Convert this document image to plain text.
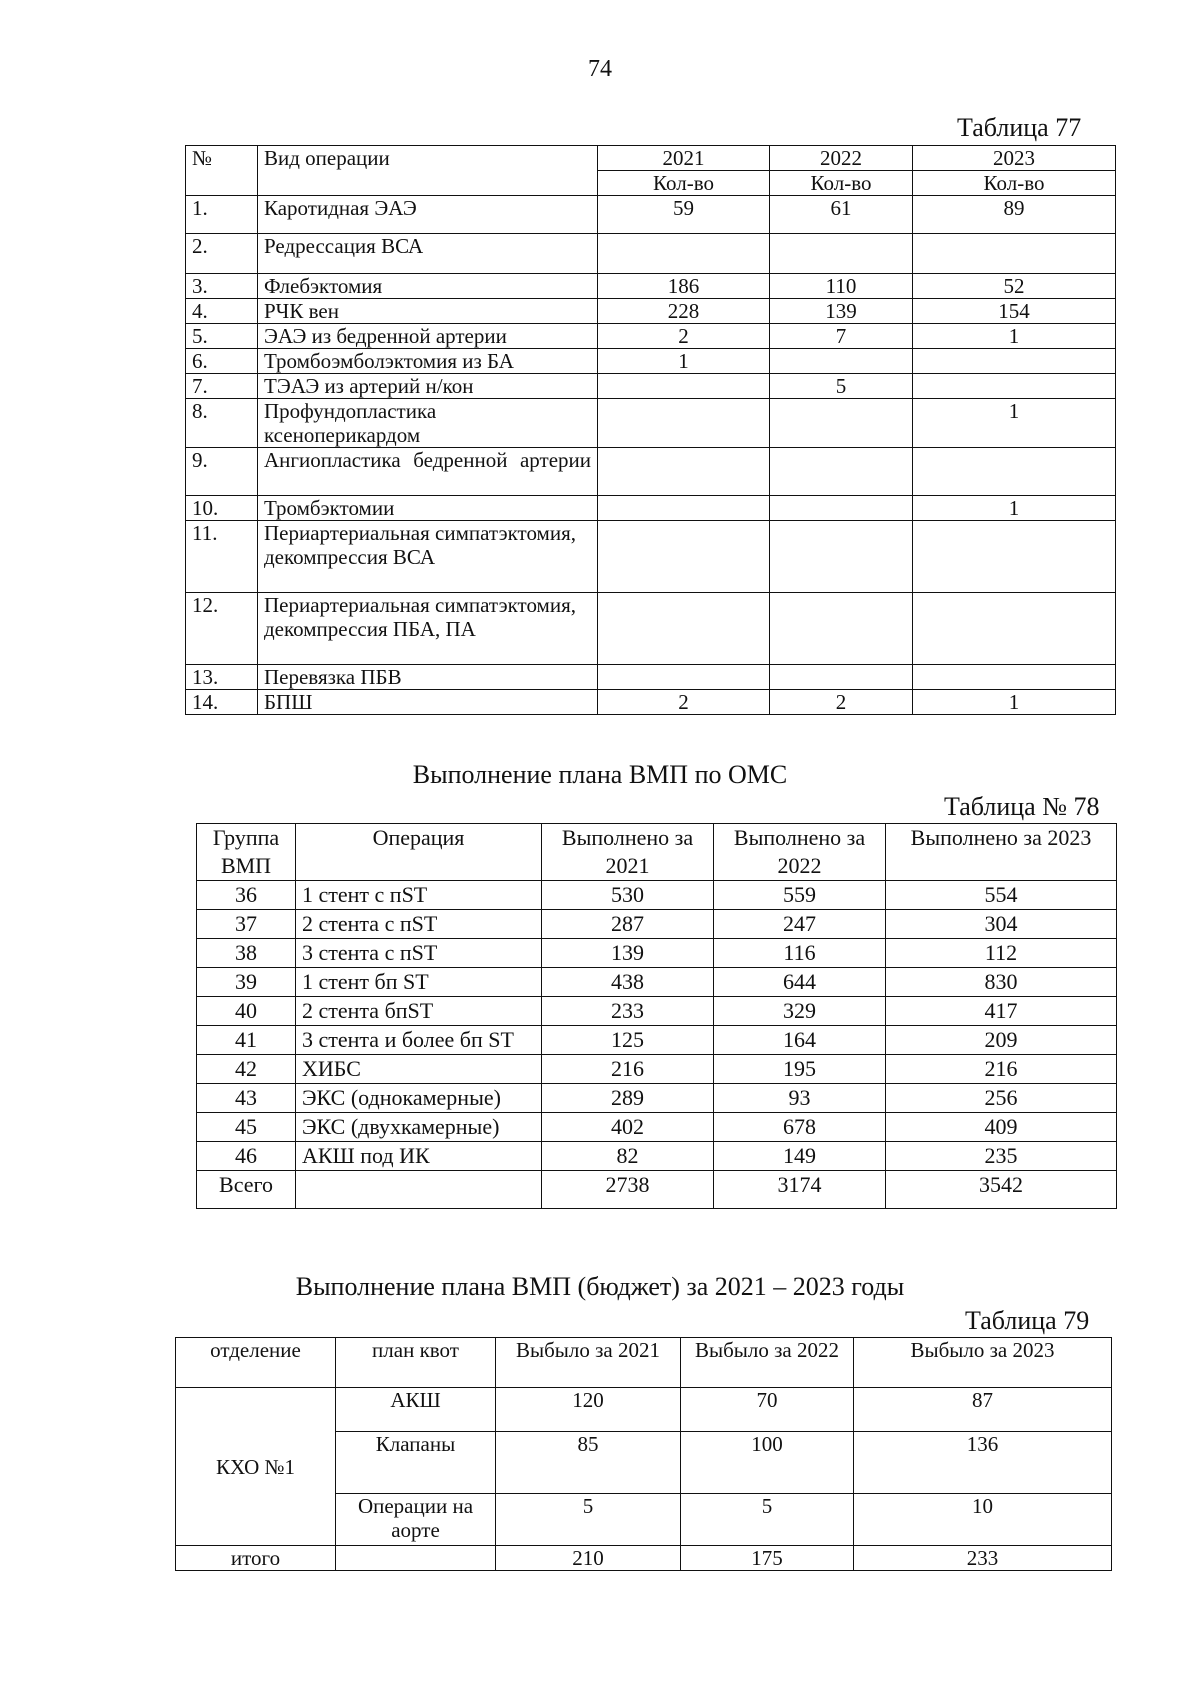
74
Таблица 77
№	Вид операции	2021	2022	2023
		Кол-во	Кол-во	Кол-во
1.	Каротидная ЭАЭ	59	61	89
2.	Редрессация ВСА			
3.	Флебэктомия	186	110	52
4.	РЧК вен	228	139	154
5.	ЭАЭ из бедренной артерии	2	7	1
6.	Тромбоэмболэктомия из БА	1		
7.	ТЭАЭ из артерий н/кон		5	
8.	Профундопластика ксеноперикардом			1
9.	Ангиопластика бедренной артерии			
10.	Тромбэктомии			1
11.	Периартериальная симпатэктомия, декомпрессия ВСА			
12.	Периартериальная симпатэктомия, декомпрессия ПБА, ПА			
13.	Перевязка ПБВ			
14.	БПШ	2	2	1
Выполнение плана ВМП по ОМС
Таблица № 78
Группа ВМП	Операция	Выполнено за 2021	Выполнено за 2022	Выполнено за 2023
36	1 стент с пST	530	559	554
37	2 стента с пST	287	247	304
38	3 стента с пST	139	116	112
39	1 стент бп ST	438	644	830
40	2 стента бпST	233	329	417
41	3 стента и более бп ST	125	164	209
42	ХИБС	216	195	216
43	ЭКС (однокамерные)	289	93	256
45	ЭКС (двухкамерные)	402	678	409
46	АКШ под ИК	82	149	235
Всего		2738	3174	3542
Выполнение плана ВМП (бюджет) за 2021 – 2023 годы
Таблица 79
отделение	план квот	Выбыло за 2021	Выбыло за 2022	Выбыло за 2023
КХО №1	АКШ	120	70	87
	Клапаны	85	100	136
	Операции на аорте	5	5	10
итого		210	175	233
